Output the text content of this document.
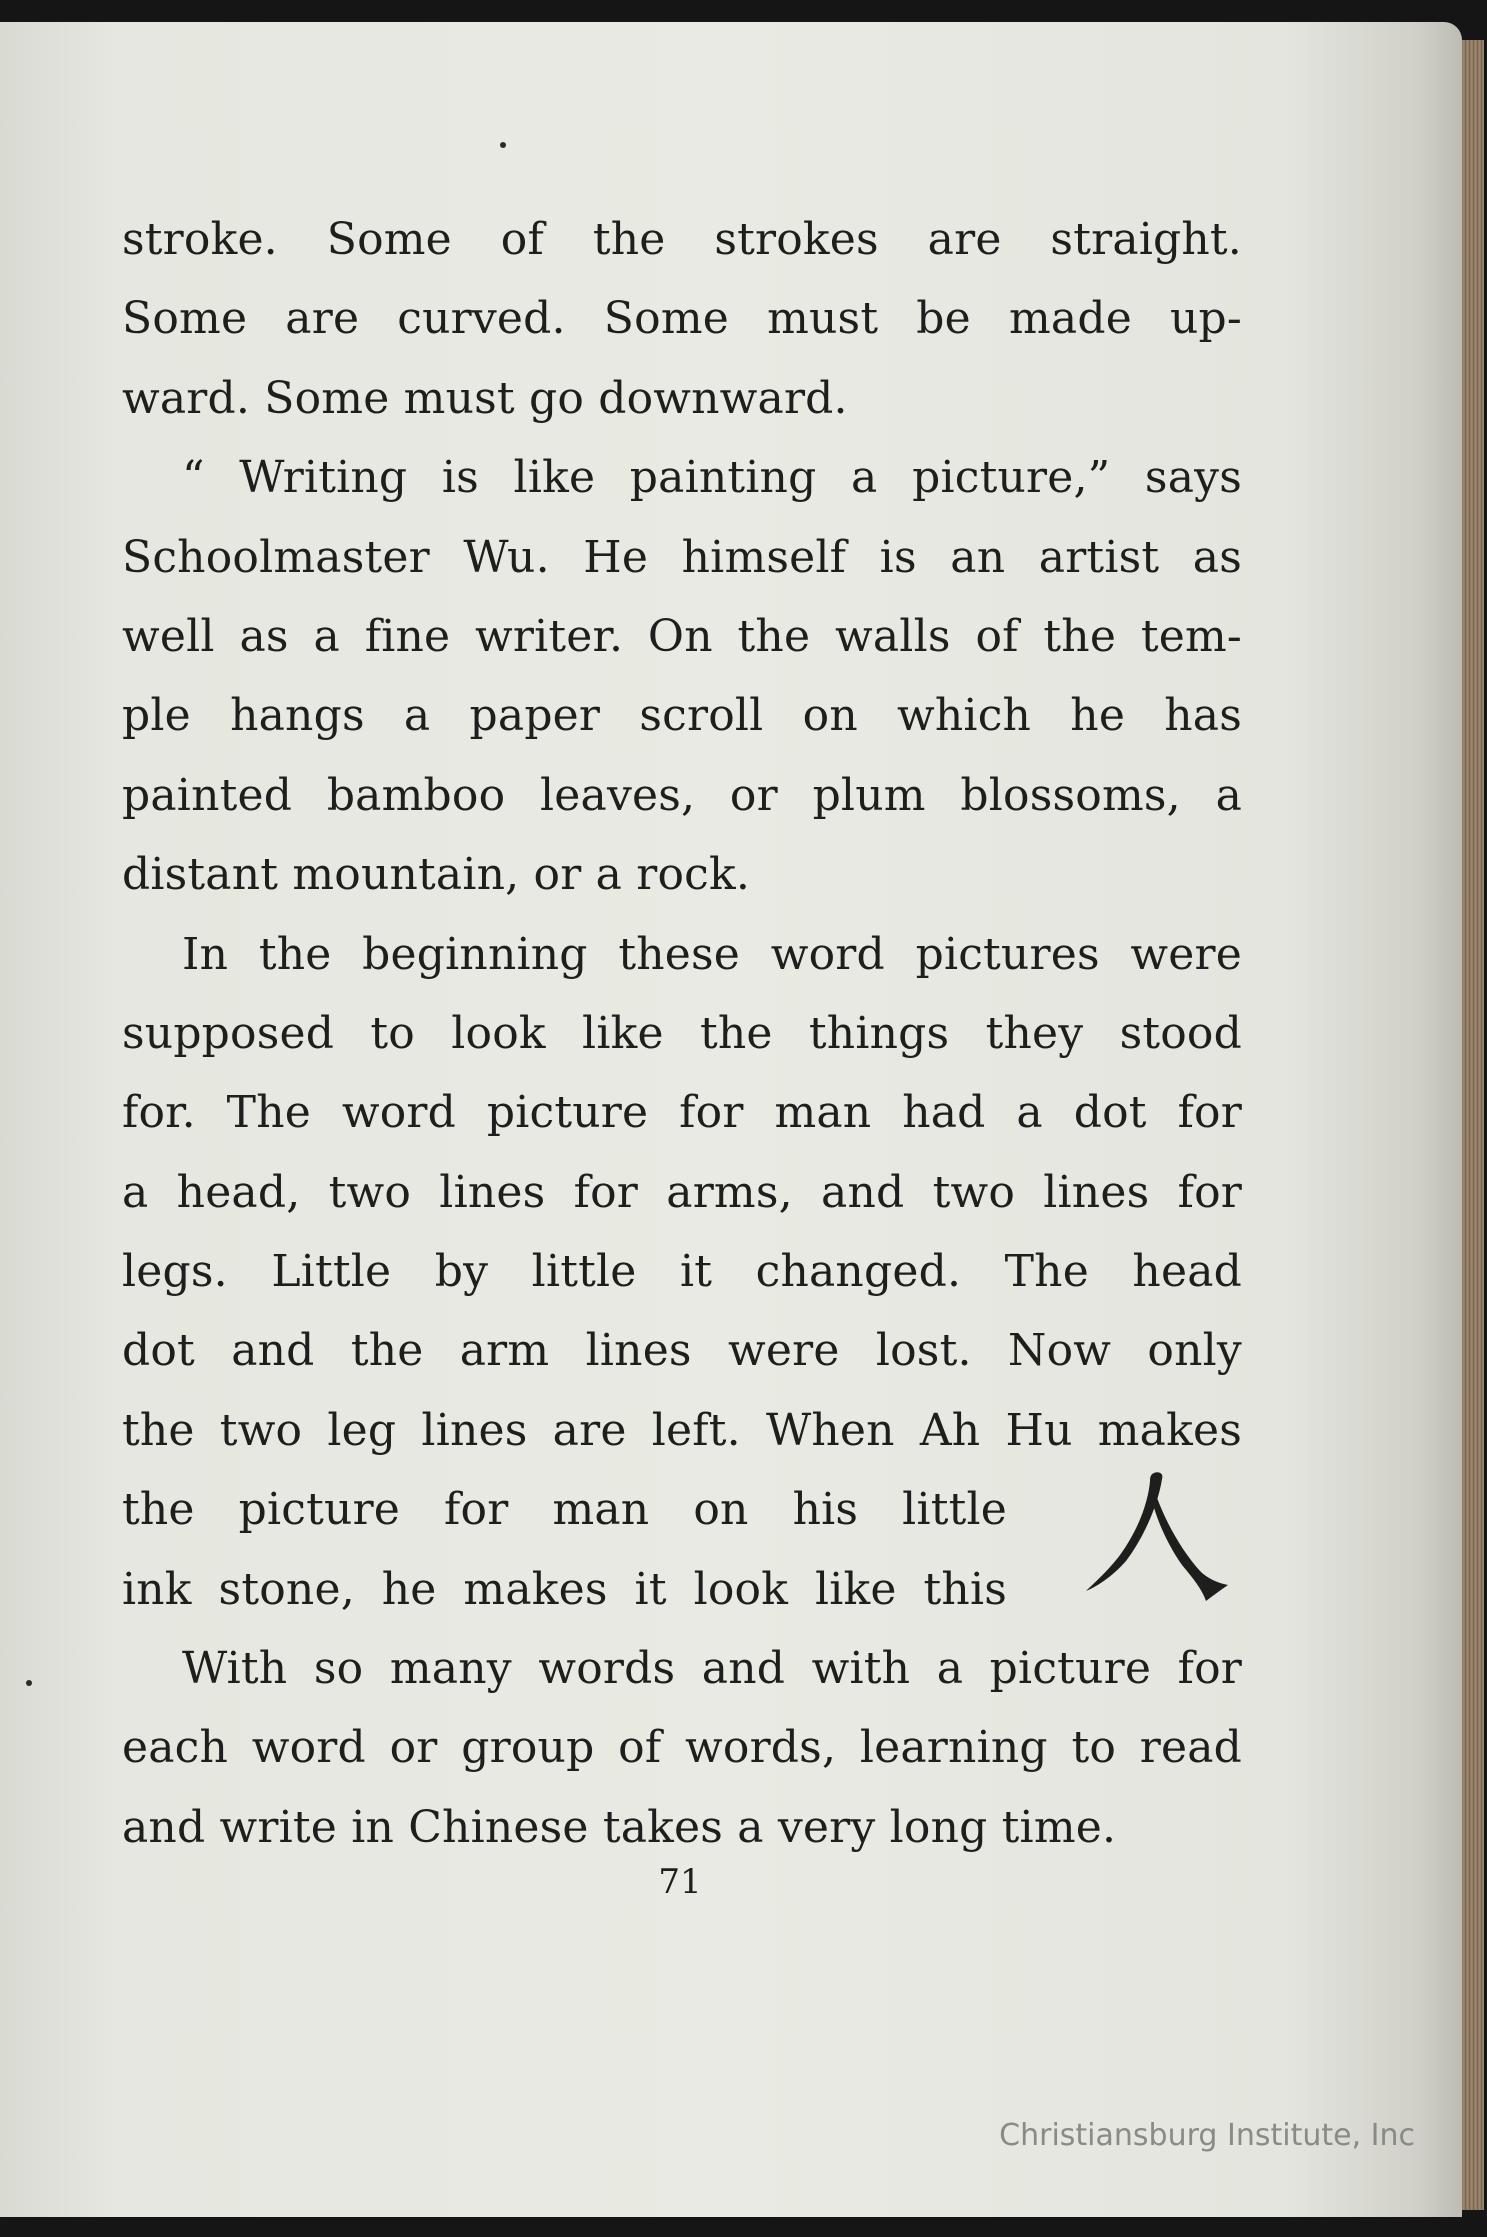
stroke. Some of the strokes are straight.
Some are curved. Some must be made up-
ward. Some must go downward.
“ Writing is like painting a picture,” says
Schoolmaster Wu. He himself is an artist as
well as a fine writer. On the walls of the tem-
ple hangs a paper scroll on which he has
painted bamboo leaves, or plum blossoms, a
distant mountain, or a rock.
In the beginning these word pictures were
supposed to look like the things they stood
for. The word picture for man had a dot for
a head, two lines for arms, and two lines for
legs. Little by little it changed. The head
dot and the arm lines were lost. Now only
the two leg lines are left. When Ah Hu makes
the picture for man on his little
ink stone, he makes it look like this
With so many words and with a picture for
each word or group of words, learning to read
and write in Chinese takes a very long time.
71
Christiansburg Institute, Inc
